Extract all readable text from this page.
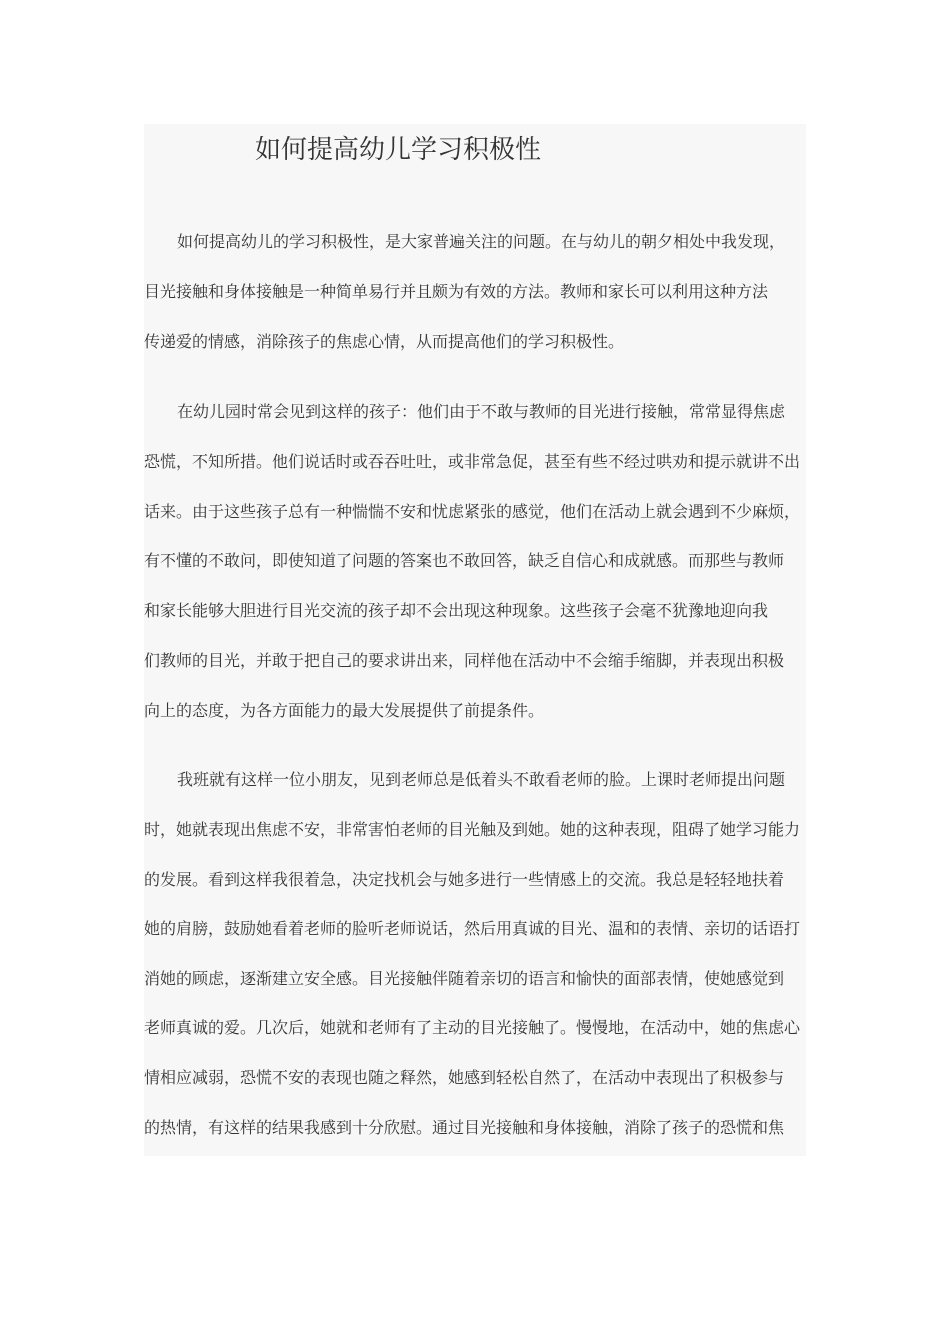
如何提高幼儿学习积极性
如何提高幼儿的学习积极性，是大家普遍关注的问题。在与幼儿的朝夕相处中我发现，
目光接触和身体接触是一种简单易行并且颇为有效的方法。教师和家长可以利用这种方法
传递爱的情感，消除孩子的焦虑心情，从而提高他们的学习积极性。
在幼儿园时常会见到这样的孩子：他们由于不敢与教师的目光进行接触，常常显得焦虑
恐慌，不知所措。他们说话时或吞吞吐吐，或非常急促，甚至有些不经过哄劝和提示就讲不出
话来。由于这些孩子总有一种惴惴不安和忧虑紧张的感觉，他们在活动上就会遇到不少麻烦，
有不懂的不敢问，即使知道了问题的答案也不敢回答，缺乏自信心和成就感。而那些与教师
和家长能够大胆进行目光交流的孩子却不会出现这种现象。这些孩子会毫不犹豫地迎向我
们教师的目光，并敢于把自己的要求讲出来，同样他在活动中不会缩手缩脚，并表现出积极
向上的态度，为各方面能力的最大发展提供了前提条件。
我班就有这样一位小朋友，见到老师总是低着头不敢看老师的脸。上课时老师提出问题
时，她就表现出焦虑不安，非常害怕老师的目光触及到她。她的这种表现，阻碍了她学习能力
的发展。看到这样我很着急，决定找机会与她多进行一些情感上的交流。我总是轻轻地扶着
她的肩膀，鼓励她看着老师的脸听老师说话，然后用真诚的目光、温和的表情、亲切的话语打
消她的顾虑，逐渐建立安全感。目光接触伴随着亲切的语言和愉快的面部表情，使她感觉到
老师真诚的爱。几次后，她就和老师有了主动的目光接触了。慢慢地，在活动中，她的焦虑心
情相应减弱，恐慌不安的表现也随之释然，她感到轻松自然了，在活动中表现出了积极参与
的热情，有这样的结果我感到十分欣慰。通过目光接触和身体接触，消除了孩子的恐慌和焦
